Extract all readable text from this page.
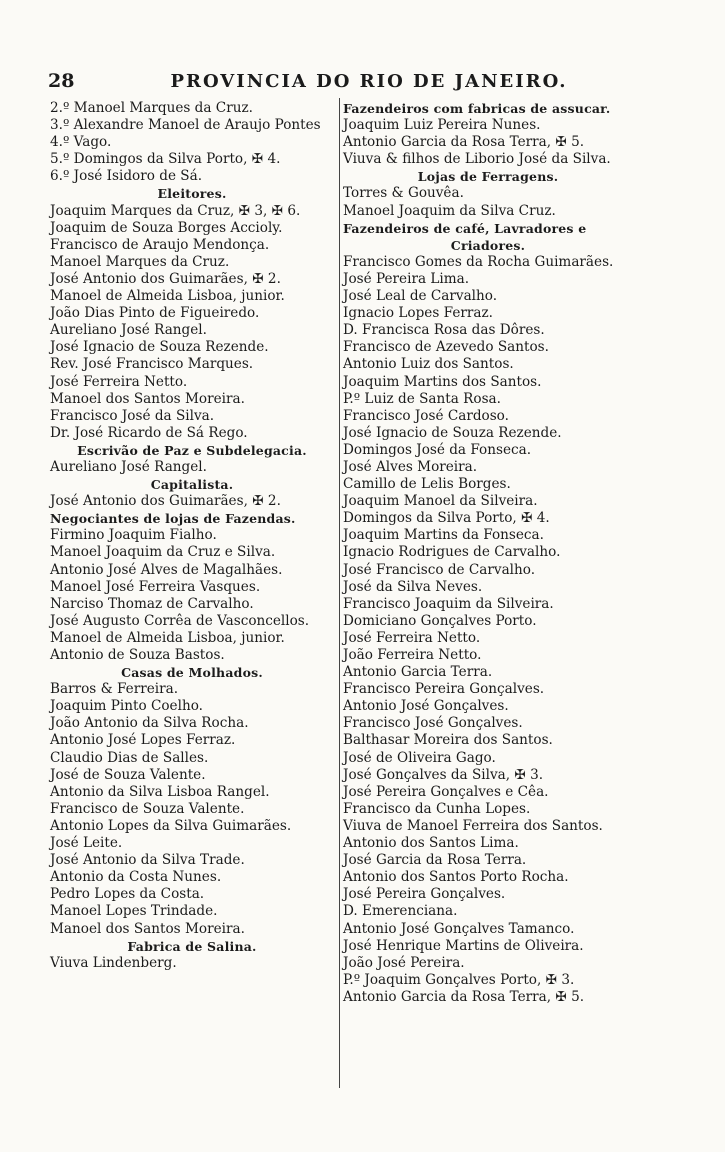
28	PROVINCIA DO RIO DE JANEIRO.
2.º Manoel Marques da Cruz.
3.º Alexandre Manoel de Araujo Pontes
4.º Vago.
5.º Domingos da Silva Porto, ✠ 4.
6.º José Isidoro de Sá.
Eleitores.
Joaquim Marques da Cruz, ✠ 3, ✠ 6.
Joaquim de Souza Borges Accioly.
Francisco de Araujo Mendonça.
Manoel Marques da Cruz.
José Antonio dos Guimarães, ✠ 2.
Manoel de Almeida Lisboa, junior.
João Dias Pinto de Figueiredo.
Aureliano José Rangel.
José Ignacio de Souza Rezende.
Rev. José Francisco Marques.
José Ferreira Netto.
Manoel dos Santos Moreira.
Francisco José da Silva.
Dr. José Ricardo de Sá Rego.
Escrivão de Paz e Subdelegacia.
Aureliano José Rangel.
Capitalista.
José Antonio dos Guimarães, ✠ 2.
Negociantes de lojas de Fazendas.
Firmino Joaquim Fialho.
Manoel Joaquim da Cruz e Silva.
Antonio José Alves de Magalhães.
Manoel José Ferreira Vasques.
Narciso Thomaz de Carvalho.
José Augusto Corrêa de Vasconcellos.
Manoel de Almeida Lisboa, junior.
Antonio de Souza Bastos.
Casas de Molhados.
Barros & Ferreira.
Joaquim Pinto Coelho.
João Antonio da Silva Rocha.
Antonio José Lopes Ferraz.
Claudio Dias de Salles.
José de Souza Valente.
Antonio da Silva Lisboa Rangel.
Francisco de Souza Valente.
Antonio Lopes da Silva Guimarães.
José Leite.
José Antonio da Silva Trade.
Antonio da Costa Nunes.
Pedro Lopes da Costa.
Manoel Lopes Trindade.
Manoel dos Santos Moreira.
Fabrica de Salina.
Viuva Lindenberg.
Fazendeiros com fabricas de assucar.
Joaquim Luiz Pereira Nunes.
Antonio Garcia da Rosa Terra, ✠ 5.
Viuva & filhos de Liborio José da Silva.
Lojas de Ferragens.
Torres & Gouvêa.
Manoel Joaquim da Silva Cruz.
Fazendeiros de café, Lavradores e
Criadores.
Francisco Gomes da Rocha Guimarães.
José Pereira Lima.
José Leal de Carvalho.
Ignacio Lopes Ferraz.
D. Francisca Rosa das Dôres.
Francisco de Azevedo Santos.
Antonio Luiz dos Santos.
Joaquim Martins dos Santos.
P.º Luiz de Santa Rosa.
Francisco José Cardoso.
José Ignacio de Souza Rezende.
Domingos José da Fonseca.
José Alves Moreira.
Camillo de Lelis Borges.
Joaquim Manoel da Silveira.
Domingos da Silva Porto, ✠ 4.
Joaquim Martins da Fonseca.
Ignacio Rodrigues de Carvalho.
José Francisco de Carvalho.
José da Silva Neves.
Francisco Joaquim da Silveira.
Domiciano Gonçalves Porto.
José Ferreira Netto.
João Ferreira Netto.
Antonio Garcia Terra.
Francisco Pereira Gonçalves.
Antonio José Gonçalves.
Francisco José Gonçalves.
Balthasar Moreira dos Santos.
José de Oliveira Gago.
José Gonçalves da Silva, ✠ 3.
José Pereira Gonçalves e Cêa.
Francisco da Cunha Lopes.
Viuva de Manoel Ferreira dos Santos.
Antonio dos Santos Lima.
José Garcia da Rosa Terra.
Antonio dos Santos Porto Rocha.
José Pereira Gonçalves.
D. Emerenciana.
Antonio José Gonçalves Tamanco.
José Henrique Martins de Oliveira.
João José Pereira.
P.º Joaquim Gonçalves Porto, ✠ 3.
Antonio Garcia da Rosa Terra, ✠ 5.
